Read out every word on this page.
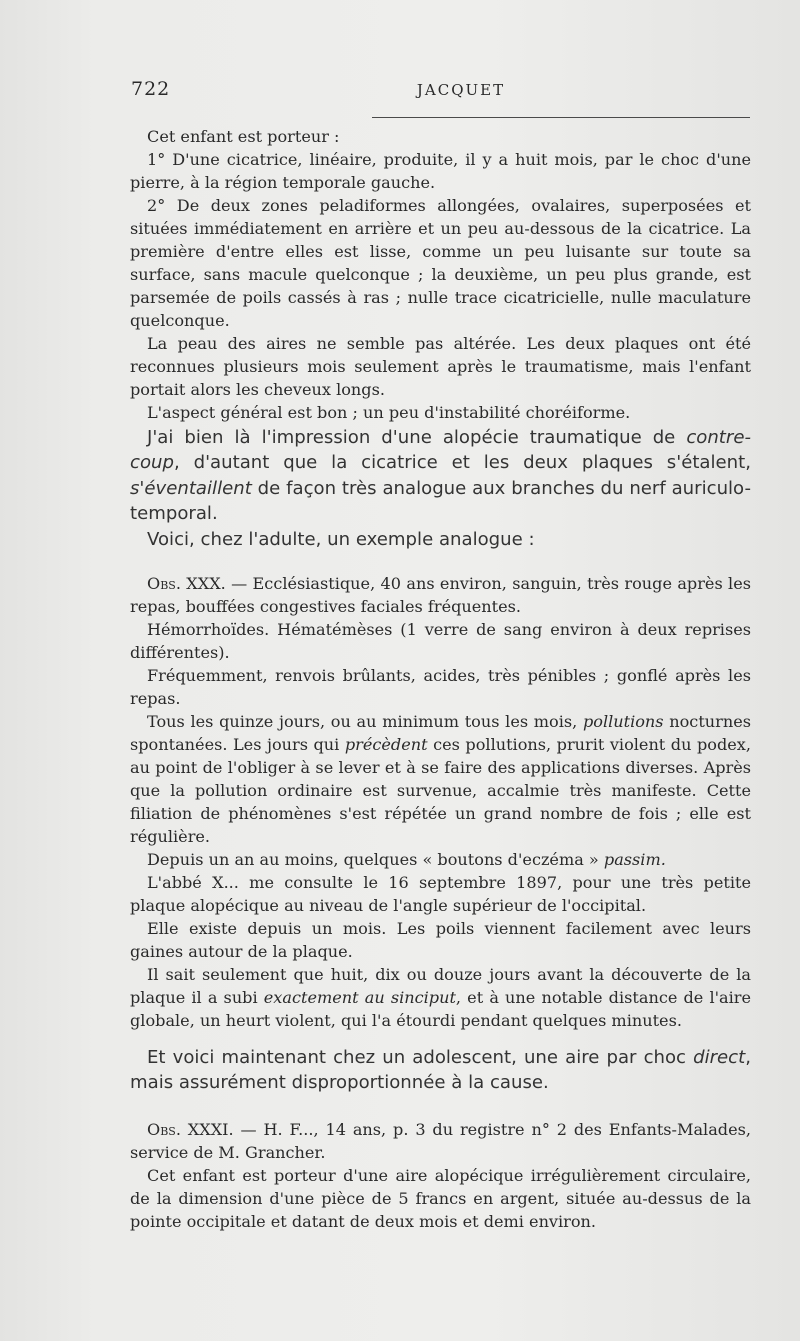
722	JACQUET

Cet enfant est porteur :

1° D'une cicatrice, linéaire, produite, il y a huit mois, par le choc d'une pierre, à la région temporale gauche.

2° De deux zones peladiformes allongées, ovalaires, superposées et situées immédiatement en arrière et un peu au-dessous de la cicatrice. La première d'entre elles est lisse, comme un peu luisante sur toute sa surface, sans macule quelconque ; la deuxième, un peu plus grande, est parsemée de poils cassés à ras ; nulle trace cicatricielle, nulle maculature quelconque.

La peau des aires ne semble pas altérée. Les deux plaques ont été reconnues plusieurs mois seulement après le traumatisme, mais l'enfant portait alors les cheveux longs.

L'aspect général est bon ; un peu d'instabilité choréiforme.

J'ai bien là l'impression d'une alopécie traumatique de contre-coup, d'autant que la cicatrice et les deux plaques s'étalent, s'éventaillent de façon très analogue aux branches du nerf auriculo-temporal.

Voici, chez l'adulte, un exemple analogue :

Obs. XXX. — Ecclésiastique, 40 ans environ, sanguin, très rouge après les repas, bouffées congestives faciales fréquentes.

Hémorrhoïdes. Hématémèses (1 verre de sang environ à deux reprises différentes).

Fréquemment, renvois brûlants, acides, très pénibles ; gonflé après les repas.

Tous les quinze jours, ou au minimum tous les mois, pollutions nocturnes spontanées. Les jours qui précèdent ces pollutions, prurit violent du podex, au point de l'obliger à se lever et à se faire des applications diverses. Après que la pollution ordinaire est survenue, accalmie très manifeste. Cette filiation de phénomènes s'est répétée un grand nombre de fois ; elle est régulière.

Depuis un an au moins, quelques « boutons d'eczéma » passim.

L'abbé X... me consulte le 16 septembre 1897, pour une très petite plaque alopécique au niveau de l'angle supérieur de l'occipital.

Elle existe depuis un mois. Les poils viennent facilement avec leurs gaines autour de la plaque.

Il sait seulement que huit, dix ou douze jours avant la découverte de la plaque il a subi exactement au sinciput, et à une notable distance de l'aire globale, un heurt violent, qui l'a étourdi pendant quelques minutes.

Et voici maintenant chez un adolescent, une aire par choc direct, mais assurément disproportionnée à la cause.

Obs. XXXI. — H. F..., 14 ans, p. 3 du registre n° 2 des Enfants-Malades, service de M. Grancher.

Cet enfant est porteur d'une aire alopécique irrégulièrement circulaire, de la dimension d'une pièce de 5 francs en argent, située au-dessus de la pointe occipitale et datant de deux mois et demi environ.
